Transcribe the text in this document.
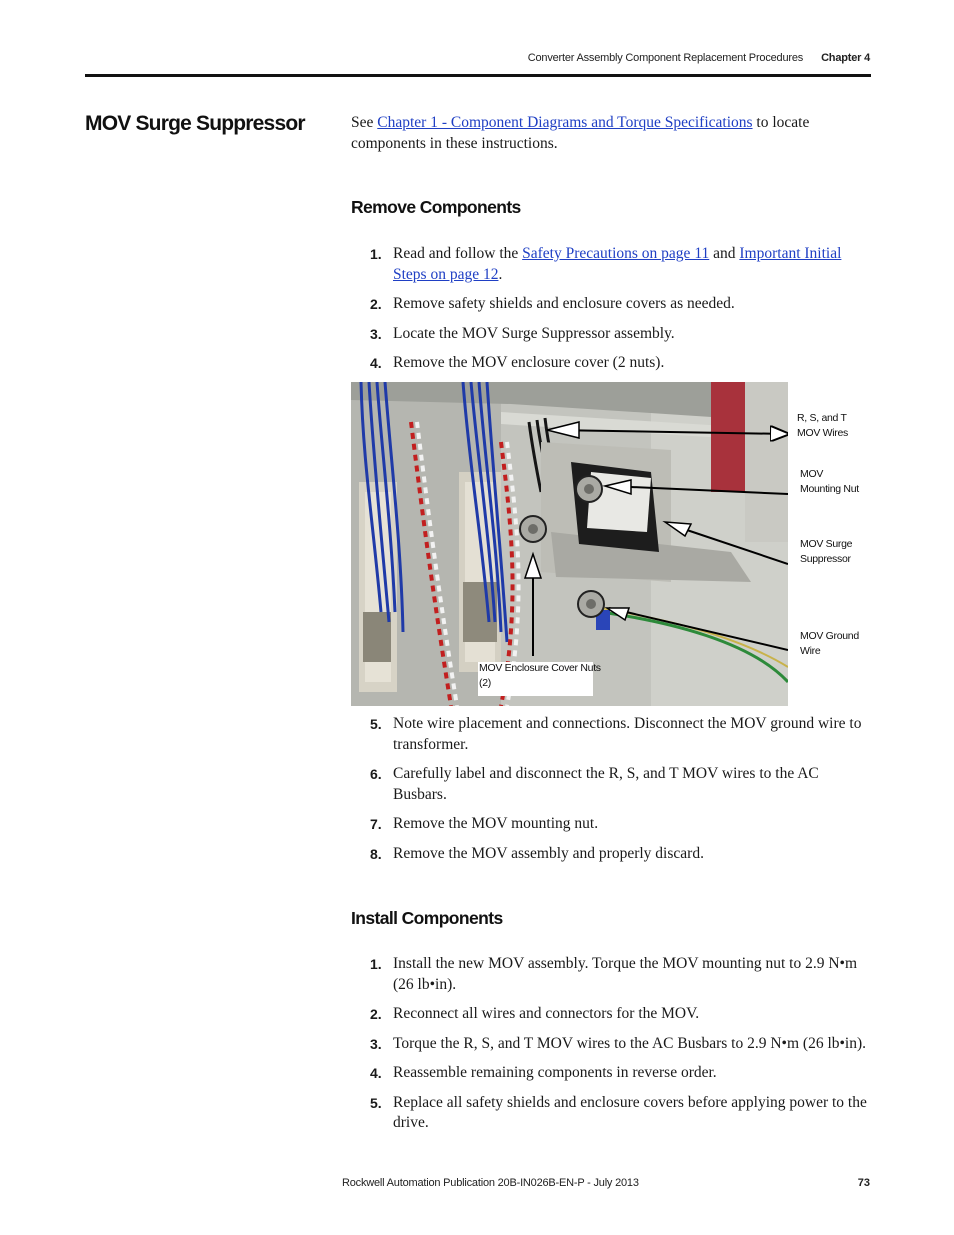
Converter Assembly Component Replacement Procedures Chapter 4
MOV Surge Suppressor	See Chapter 1 - Component Diagrams and Torque Specifications to locate components in these instructions.
Remove Components
1. Read and follow the Safety Precautions on page 11 and Important Initial Steps on page 12.
2. Remove safety shields and enclosure covers as needed.
3. Locate the MOV Surge Suppressor assembly.
4. Remove the MOV enclosure cover (2 nuts).
R, S, and T
MOV Wires
MOV
Mounting Nut
MOV Surge
Suppressor
MOV Ground
Wire
MOV Enclosure Cover Nuts
(2)
5. Note wire placement and connections. Disconnect the MOV ground wire to transformer.
6. Carefully label and disconnect the R, S, and T MOV wires to the AC Busbars.
7. Remove the MOV mounting nut.
8. Remove the MOV assembly and properly discard.
Install Components
1. Install the new MOV assembly. Torque the MOV mounting nut to 2.9 N•m (26 lb•in).
2. Reconnect all wires and connectors for the MOV.
3. Torque the R, S, and T MOV wires to the AC Busbars to 2.9 N•m (26 lb•in).
4. Reassemble remaining components in reverse order.
5. Replace all safety shields and enclosure covers before applying power to the drive.
Rockwell Automation Publication 20B-IN026B-EN-P - July 2013	73
